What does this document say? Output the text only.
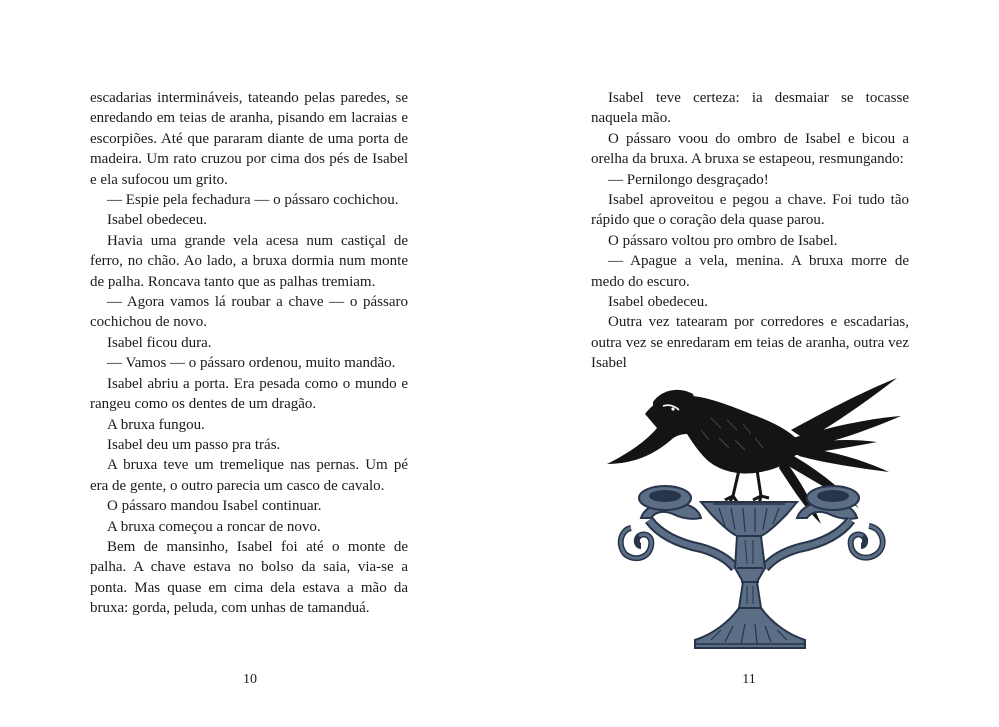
escadarias intermináveis, tateando pelas paredes, se enredando em teias de aranha, pisando em lacraias e escorpiões. Até que pararam diante de uma porta de madeira. Um rato cruzou por cima dos pés de Isabel e ela sufocou um grito.

— Espie pela fechadura — o pássaro cochichou.

Isabel obedeceu.

Havia uma grande vela acesa num castiçal de ferro, no chão. Ao lado, a bruxa dormia num monte de palha. Roncava tanto que as palhas tremiam.

— Agora vamos lá roubar a chave — o pássaro cochichou de novo.

Isabel ficou dura.

— Vamos — o pássaro ordenou, muito mandão.

Isabel abriu a porta. Era pesada como o mundo e rangeu como os dentes de um dragão.

A bruxa fungou.

Isabel deu um passo pra trás.

A bruxa teve um tremelique nas pernas. Um pé era de gente, o outro parecia um casco de cavalo.

O pássaro mandou Isabel continuar.

A bruxa começou a roncar de novo.

Bem de mansinho, Isabel foi até o monte de palha. A chave estava no bolso da saia, via-se a ponta. Mas quase em cima dela estava a mão da bruxa: gorda, peluda, com unhas de tamanduá.

10

Isabel teve certeza: ia desmaiar se tocasse naquela mão.

O pássaro voou do ombro de Isabel e bicou a orelha da bruxa. A bruxa se estapeou, resmungando:

— Pernilongo desgraçado!

Isabel aproveitou e pegou a chave. Foi tudo tão rápido que o coração dela quase parou.

O pássaro voltou pro ombro de Isabel.

— Apague a vela, menina. A bruxa morre de medo do escuro.

Isabel obedeceu.

Outra vez tatearam por corredores e escadarias, outra vez se enredaram em teias de aranha, outra vez Isabel

11
